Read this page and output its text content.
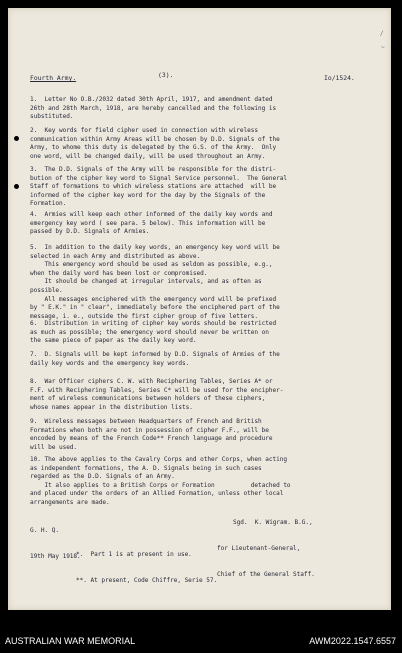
/
~
Fourth Army.	(3).	Io/1524.
1.  Letter No O.B./2032 dated 30th April, 1917, and amendment dated
26th and 28th March, 1918, are hereby cancelled and the following is
substituted.
2.  Key words for field cipher used in connection with wireless
communication within Army Areas will be chosen by D.D. Signals of the
Army, to whome this duty is delegated by the G.S. of the Army.  Only
one word, will be changed daily, will be used throughout an Army.
3.  The D.D. Signals of the Army will be responsible for the distri-
bution of the cipher key word to Signal Service personnel.  The General
Staff of formations to which wireless stations are attached  will be
informed of the cipher key word for the day by the Signals of the
Formation.
4.  Armies will keep each other informed of the daily key words and
emergency key word ( see para. 5 below). This information will be
passed by D.D. Signals of Armies.
5.  In addition to the daily key words, an emergency key word will be
selected in each Army and distributed as above.
This emergency word should be used as seldom as possible, e.g.,
when the daily word has been lost or compromised.
It should be changed at irregular intervals, and as often as
possible.
All messages enciphered with the emergency word will be prefixed
by " E.K." in " clear", immediately before the enciphered part of the
message, i. e., outside the first cipher group of five letters.
6.  Distribution in writing of cipher key words should be restricted
as much as possible; the emergency word should never be written on
the same piece of paper as the daily key word.
7.  D. Signals will be kept informed by D.D. Signals of Armies of the
daily key words and the emergency key words.
8.  War Officer ciphers C. W. with Reciphering Tables, Series A* or
F.F. with Reciphering Tables, Series C* will be used for the encipher-
ment of wireless communications between holders of these ciphers,
whose names appear in the distribution lists.
9.  Wireless messages between Headquarters of French and British
Formations when both are not in possession of cipher F.F., will be
encoded by means of the French Code** French language and procedure
will be used.
10. The above applies to the Cavalry Corps and other Corps, when acting
as independent formations, the A. D. Signals being in such cases
regarded as the D.D. Signals of an Army.
It also applies to a British Corps or Formation          detached to
and placed under the orders of an Allied Formation, unless other local
arrangements are made.

Sgd.  K. Wigram. B.G.,

for Lieutenant-General,

Chief of the General Staff.

G. H. Q.

19th May 1918.

*.  Part 1 is at present in use.

**. At present, Code Chiffre, Serie 57.

AUSTRALIAN WAR MEMORIAL	AWM2022.1547.6557
